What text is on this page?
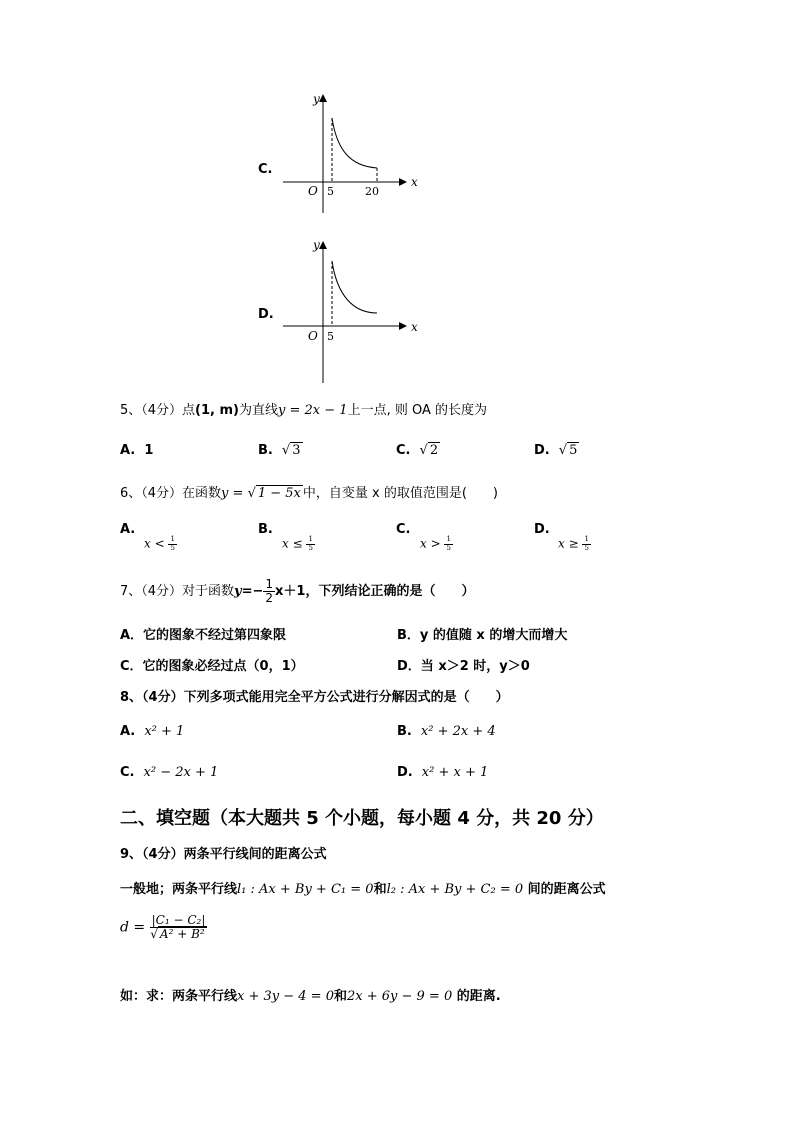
C.
y
x
O 5	20
D.
y
x
O 5
5、（4分）点(1, m)为直线y = 2x − 1上一点, 则 OA 的长度为
A. 1	B. √ 3	C. √ 2	D. √ 5
6、（4分）在函数y = √ 1 − 5x 中，自变量 x 的取值范围是(　　)
A.
$x < \frac{1}{5}$
B.
$x \le \frac{1}{5}$
C.
$x > \frac{1}{5}$
D.
$x \ge \frac{1}{5}$
7、（4分）对于函数$y=- \frac{1}{2} x+1$，下列结论正确的是（　　）
A．它的图象不经过第四象限	B．y 的值随 x 的增大而增大
C．它的图象必经过点（0，1）	D．当 x＞2 时，y＞0
8、（4分）下列多项式能用完全平方公式进行分解因式的是（　　）
A. x² + 1	B. x² + 2x + 4
C. x² − 2x + 1	D. x² + x + 1
二、填空题（本大题共 5 个小题，每小题 4 分，共 20 分）
9、（4分）两条平行线间的距离公式
一般地；两条平行线l₁ : Ax + By + C₁ = 0和l₂ : Ax + By + C₂ = 0 间的距离公式
$d = \frac{\text{|C₁ − C₂|}}{\text{√ A² + B²}}$
如：求：两条平行线x + 3y − 4 = 0和2x + 6y − 9 = 0 的距离.
